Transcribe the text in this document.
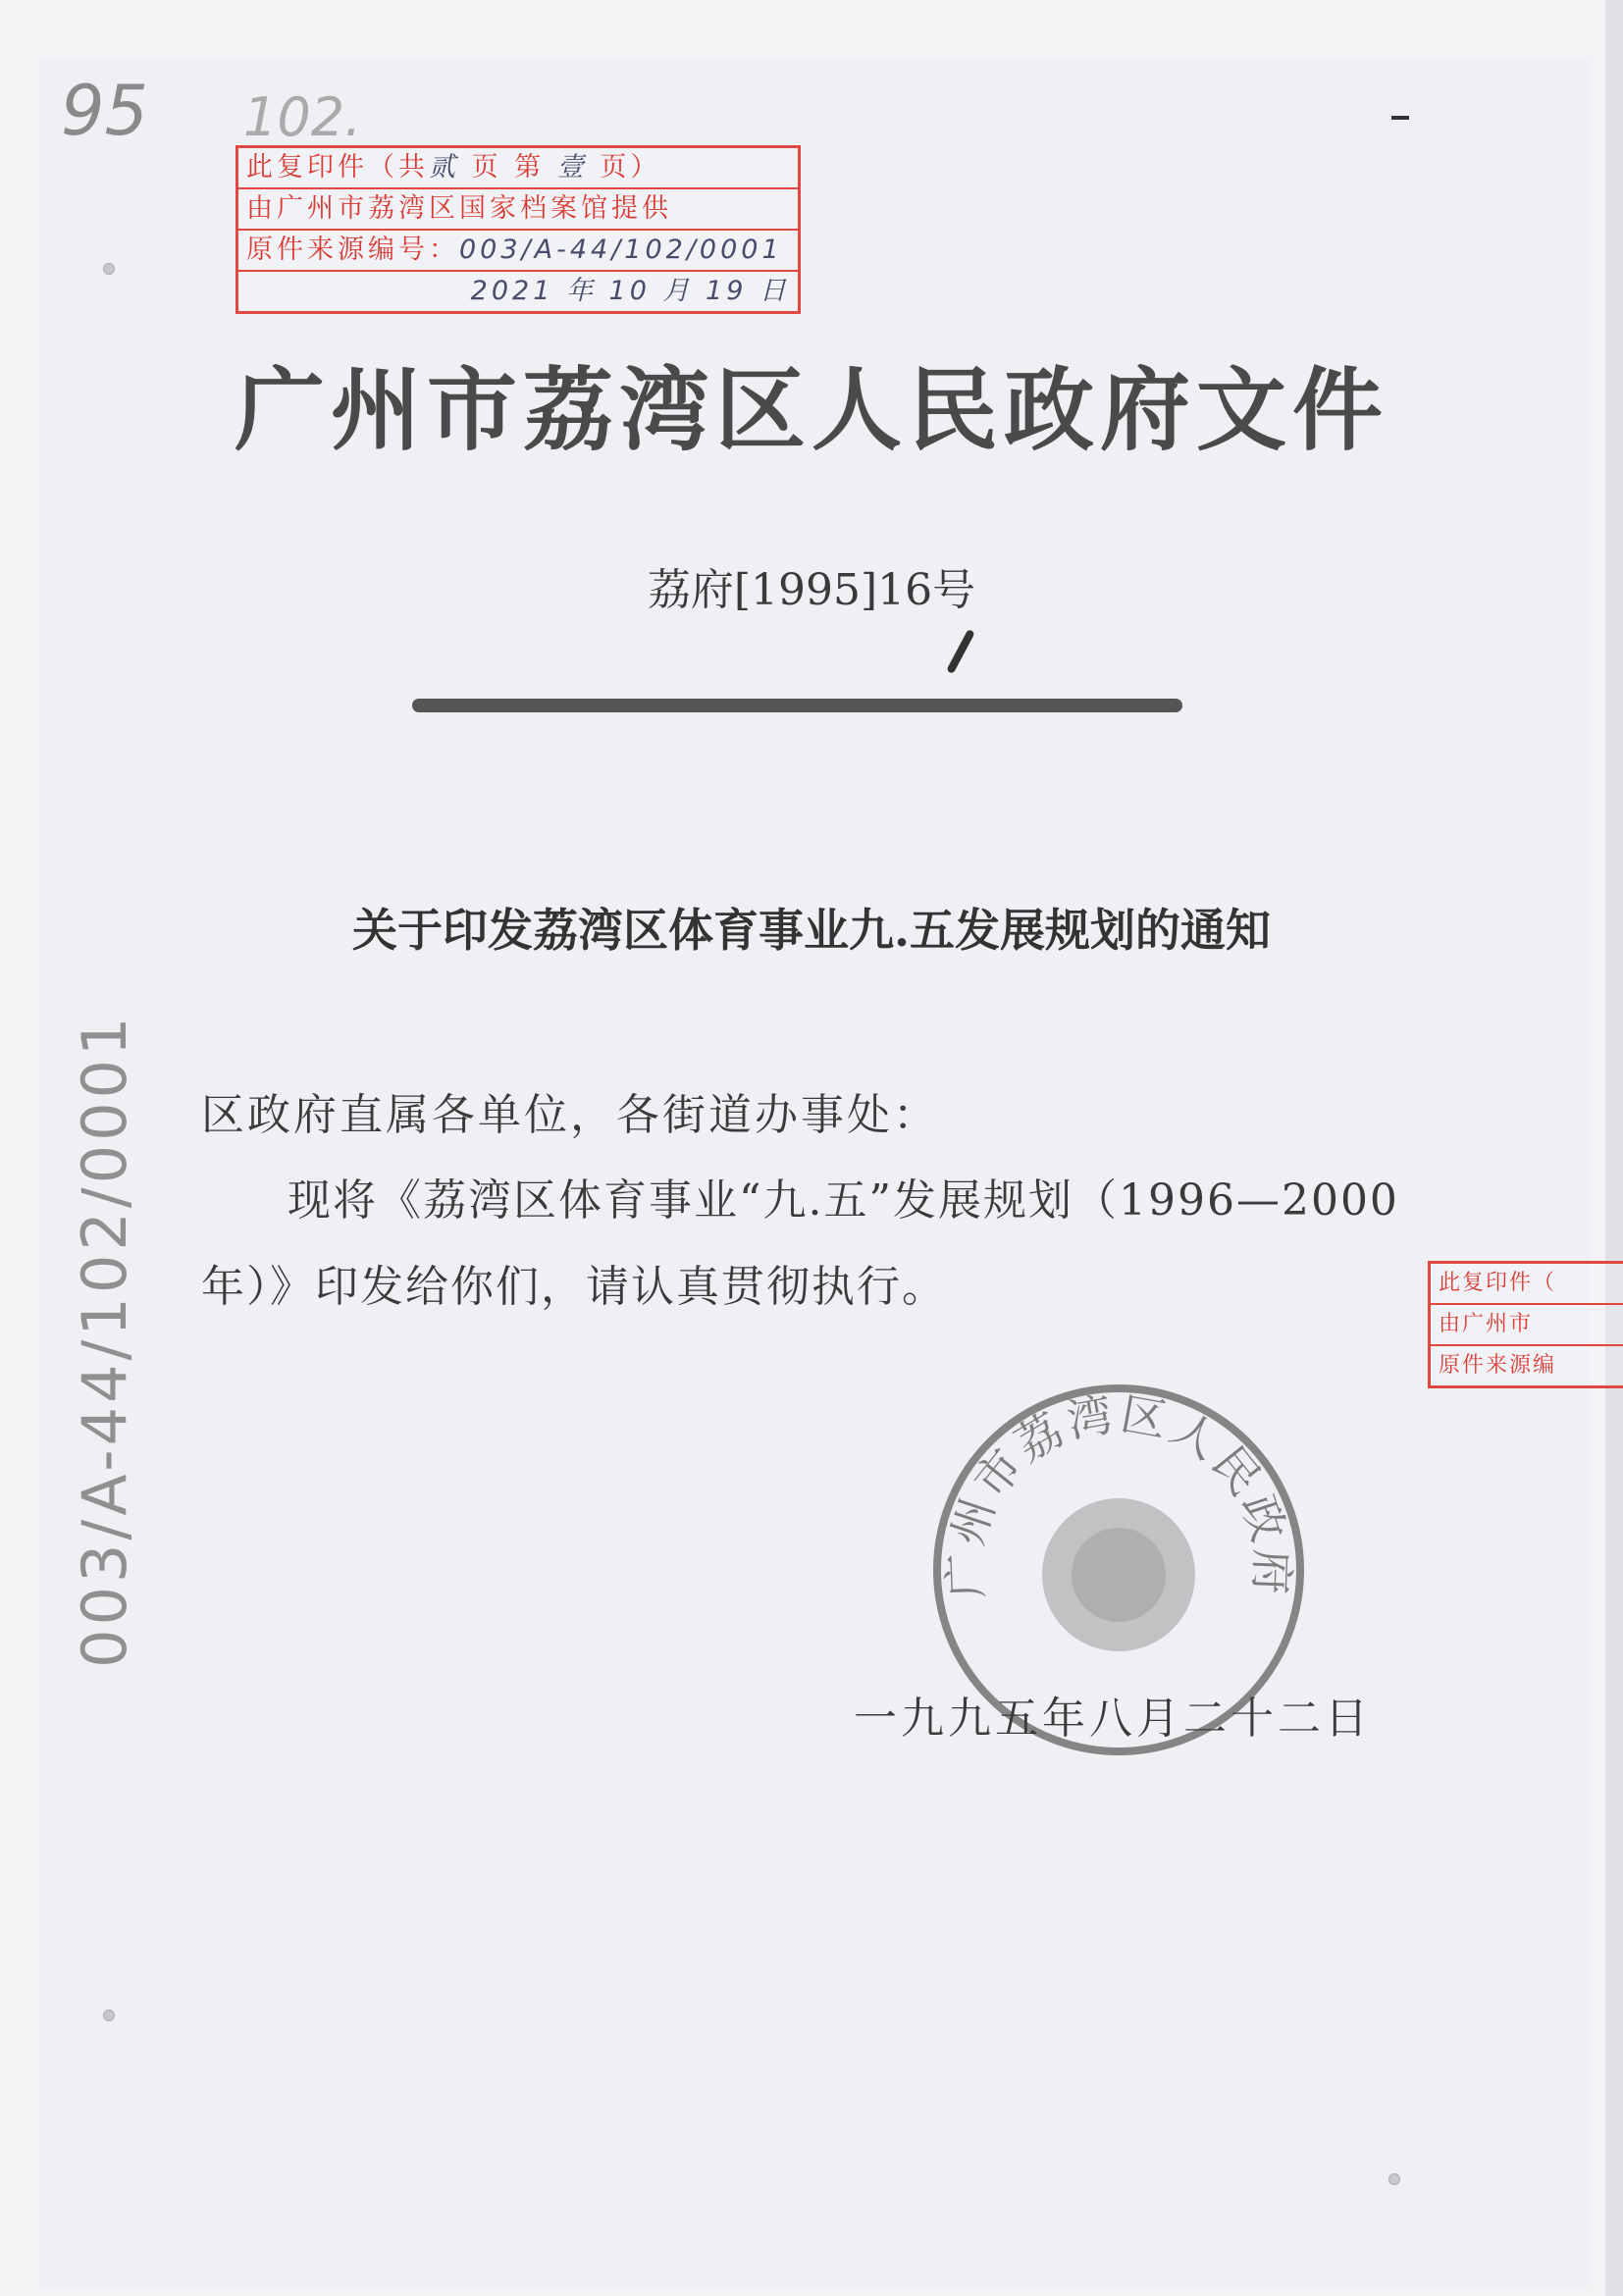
95 102.
此复印件（共贰 页 第 壹 页）
由广州市荔湾区国家档案馆提供
原件来源编号：003/A-44/102/0001
2021 年 10 月 19 日
此复印件（
由广州市
原件来源编
广州市荔湾区人民政府文件
荔府[1995]16号
关于印发荔湾区体育事业九.五发展规划的通知
区政府直属各单位，各街道办事处：
现将《荔湾区体育事业“九.五”发展规划（1996—2000年）》印发给你们，请认真贯彻执行。
003/A-44/102/0001	广州市荔湾区人民政府
一九九五年八月二十二日
